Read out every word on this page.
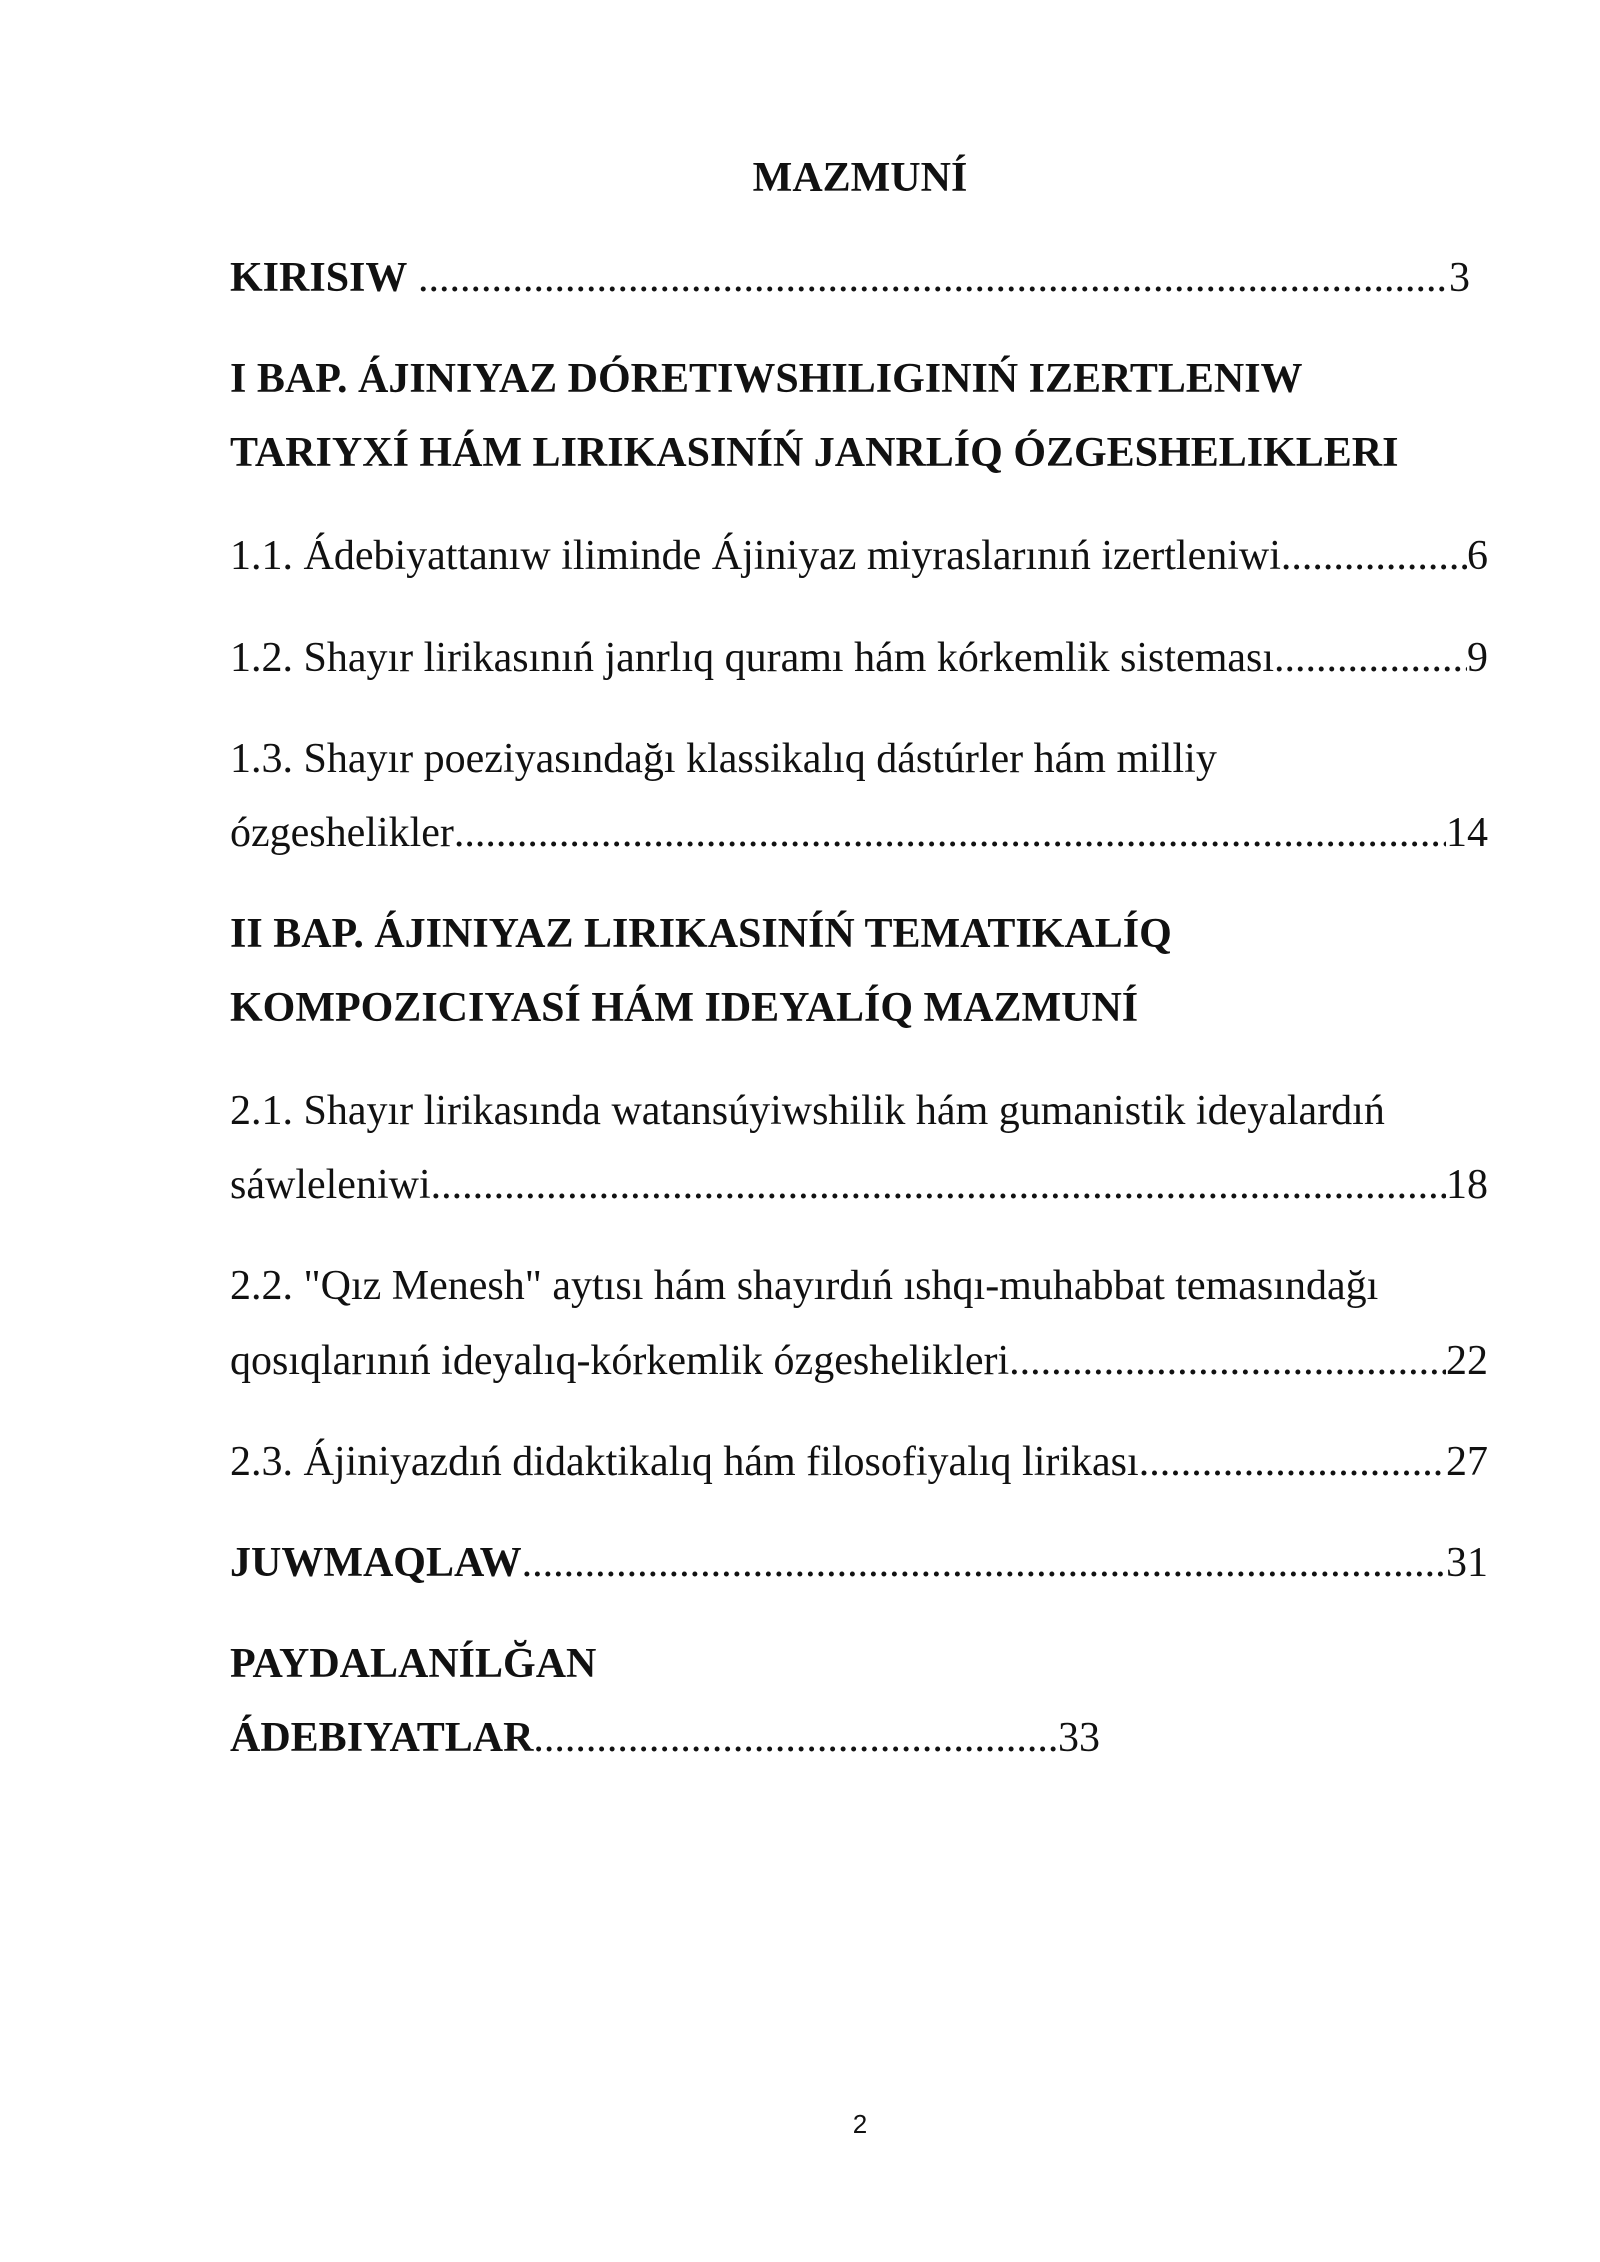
MAZMUNÍ
KIRISIW .....	3
I BAP. ÁJINIYAZ DÓRETIWSHILIGINIŃ IZERTLENIW
TARIYXÍ HÁM LIRIKASINÍŃ JANRLÍQ ÓZGESHELIKLERI
1.1. Ádebiyattanıw iliminde Ájiniyaz miyraslarınıń izertleniwi .....	6
1.2. Shayır lirikasınıń janrlıq quramı hám kórkemlik sisteması .....	9
1.3. Shayır poeziyasındağı klassikalıq dástúrler hám milliy
ózgeshelikler .....	14
II BAP. ÁJINIYAZ LIRIKASINÍŃ TEMATIKALÍQ
KOMPOZICIYASÍ HÁM IDEYALÍQ MAZMUNÍ
2.1. Shayır lirikasında watansúyiwshilik hám gumanistik ideyalardıń
sáwleleniwi .....	18
2.2. "Qız Menesh" aytısı hám shayırdıń ıshqı-muhabbat temasındağı
qosıqlarınıń ideyalıq-kórkemlik ózgeshelikleri .....	22
2.3. Ájiniyazdıń didaktikalıq hám filosofiyalıq lirikası .....	27
JUWMAQLAW .....	31
PAYDALANÍLĞAN
ÁDEBIYATLAR .....	33
2
